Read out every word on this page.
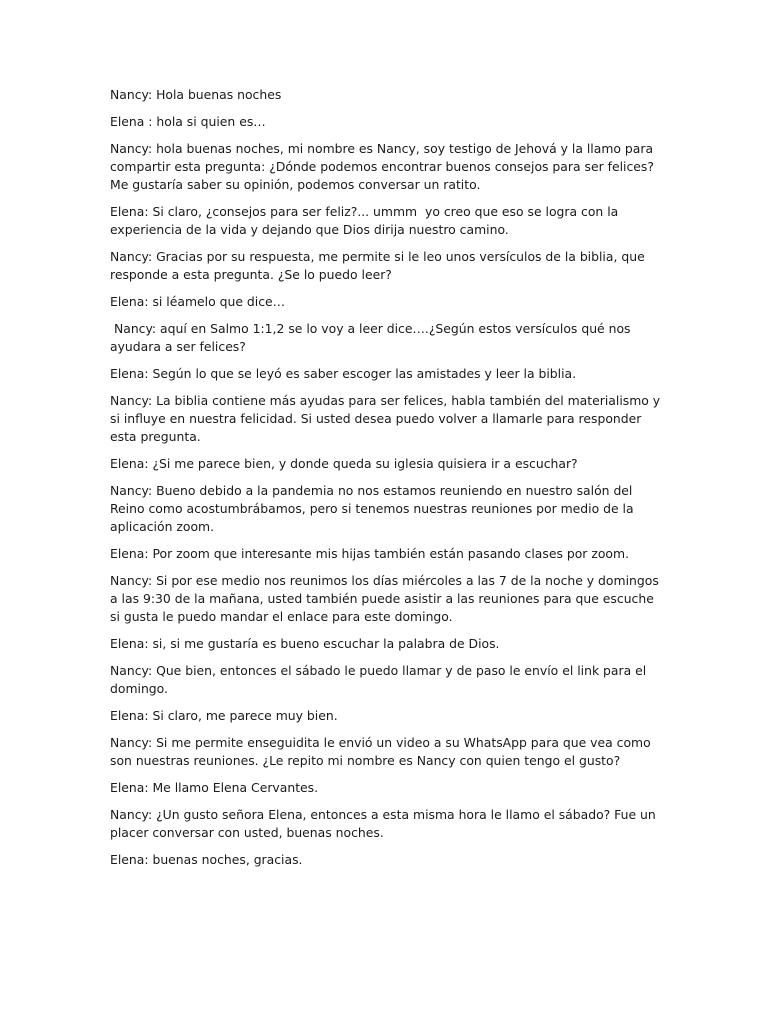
Nancy: Hola buenas noches

Elena : hola si quien es…

Nancy: hola buenas noches, mi nombre es Nancy, soy testigo de Jehová y la llamo para compartir esta pregunta: ¿Dónde podemos encontrar buenos consejos para ser felices? Me gustaría saber su opinión, podemos conversar un ratito.

Elena: Si claro, ¿consejos para ser feliz?... ummm  yo creo que eso se logra con la experiencia de la vida y dejando que Dios dirija nuestro camino.

Nancy: Gracias por su respuesta, me permite si le leo unos versículos de la biblia, que responde a esta pregunta. ¿Se lo puedo leer?

Elena: si léamelo que dice…

Nancy: aquí en Salmo 1:1,2 se lo voy a leer dice….¿Según estos versículos qué nos ayudara a ser felices?

Elena: Según lo que se leyó es saber escoger las amistades y leer la biblia.

Nancy: La biblia contiene más ayudas para ser felices, habla también del materialismo y si influye en nuestra felicidad. Si usted desea puedo volver a llamarle para responder esta pregunta.

Elena: ¿Si me parece bien, y donde queda su iglesia quisiera ir a escuchar?

Nancy: Bueno debido a la pandemia no nos estamos reuniendo en nuestro salón del Reino como acostumbrábamos, pero si tenemos nuestras reuniones por medio de la aplicación zoom.

Elena: Por zoom que interesante mis hijas también están pasando clases por zoom.

Nancy: Si por ese medio nos reunimos los días miércoles a las 7 de la noche y domingos a las 9:30 de la mañana, usted también puede asistir a las reuniones para que escuche si gusta le puedo mandar el enlace para este domingo.

Elena: si, si me gustaría es bueno escuchar la palabra de Dios.

Nancy: Que bien, entonces el sábado le puedo llamar y de paso le envío el link para el domingo.

Elena: Si claro, me parece muy bien.

Nancy: Si me permite enseguidita le envió un video a su WhatsApp para que vea como son nuestras reuniones. ¿Le repito mi nombre es Nancy con quien tengo el gusto?

Elena: Me llamo Elena Cervantes.

Nancy: ¿Un gusto señora Elena, entonces a esta misma hora le llamo el sábado? Fue un placer conversar con usted, buenas noches.

Elena: buenas noches, gracias.
